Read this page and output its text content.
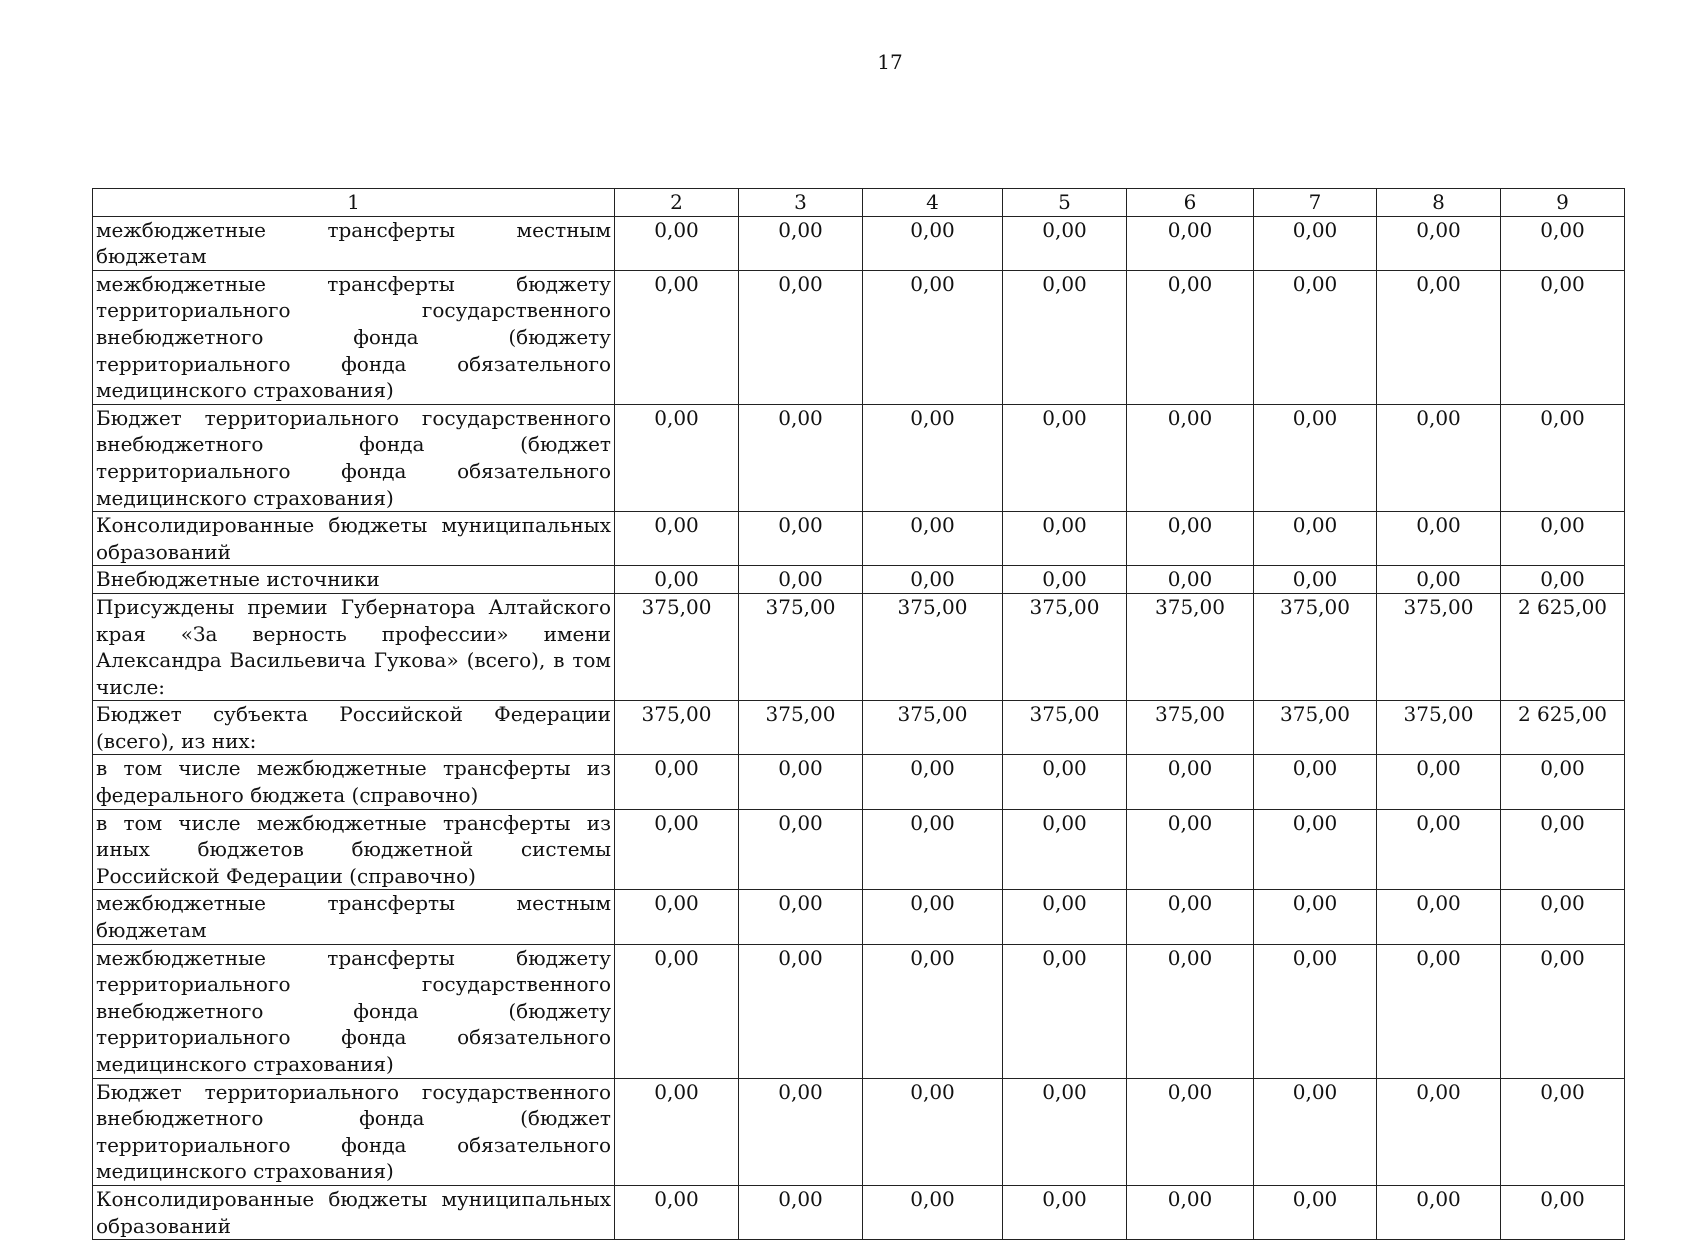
17
1	2	3	4	5	6	7	8	9
межбюджетные трансферты местным бюджетам	0,00	0,00	0,00	0,00	0,00	0,00	0,00	0,00
межбюджетные трансферты бюджету территориального государственного внебюджетного фонда (бюджету территориального фонда обязательного медицинского страхования)	0,00	0,00	0,00	0,00	0,00	0,00	0,00	0,00
Бюджет территориального государственного внебюджетного фонда (бюджет территориального фонда обязательного медицинского страхования)	0,00	0,00	0,00	0,00	0,00	0,00	0,00	0,00
Консолидированные бюджеты муниципальных образований	0,00	0,00	0,00	0,00	0,00	0,00	0,00	0,00
Внебюджетные источники	0,00	0,00	0,00	0,00	0,00	0,00	0,00	0,00
Присуждены премии Губернатора Алтайского края «За верность профессии» имени Александра Васильевича Гукова» (всего), в том числе:	375,00	375,00	375,00	375,00	375,00	375,00	375,00	2 625,00
Бюджет субъекта Российской Федерации (всего), из них:	375,00	375,00	375,00	375,00	375,00	375,00	375,00	2 625,00
в том числе межбюджетные трансферты из федерального бюджета (справочно)	0,00	0,00	0,00	0,00	0,00	0,00	0,00	0,00
в том числе межбюджетные трансферты из иных бюджетов бюджетной системы Российской Федерации (справочно)	0,00	0,00	0,00	0,00	0,00	0,00	0,00	0,00
межбюджетные трансферты местным бюджетам	0,00	0,00	0,00	0,00	0,00	0,00	0,00	0,00
межбюджетные трансферты бюджету территориального государственного внебюджетного фонда (бюджету территориального фонда обязательного медицинского страхования)	0,00	0,00	0,00	0,00	0,00	0,00	0,00	0,00
Бюджет территориального государственного внебюджетного фонда (бюджет территориального фонда обязательного медицинского страхования)	0,00	0,00	0,00	0,00	0,00	0,00	0,00	0,00
Консолидированные бюджеты муниципальных образований	0,00	0,00	0,00	0,00	0,00	0,00	0,00	0,00
